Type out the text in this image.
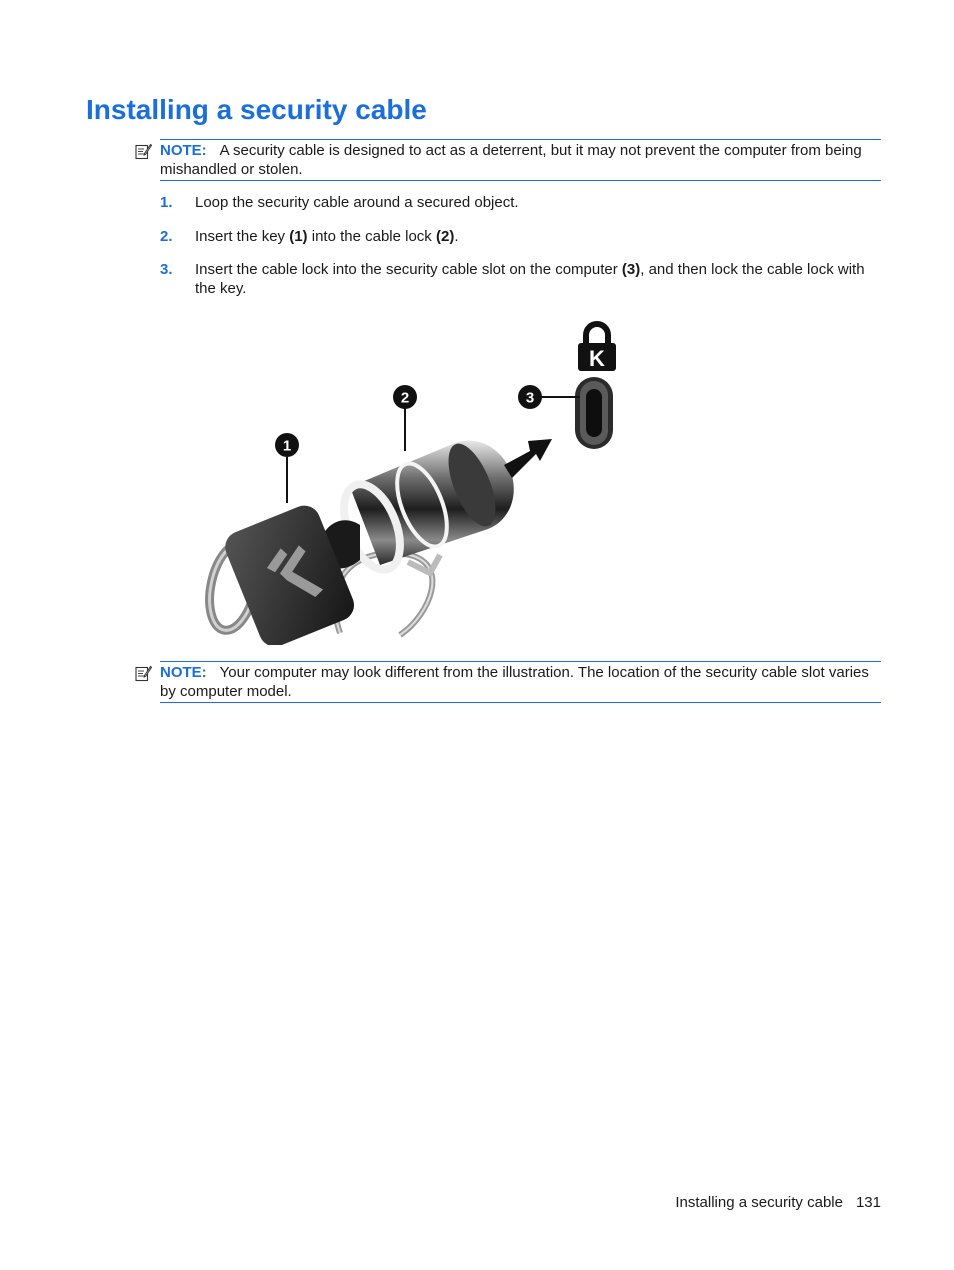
Installing a security cable
NOTE: A security cable is designed to act as a deterrent, but it may not prevent the computer from being mishandled or stolen.
1. Loop the security cable around a secured object.
2. Insert the key (1) into the cable lock (2).
3. Insert the cable lock into the security cable slot on the computer (3), and then lock the cable lock with the key.
K
1
2	3
NOTE: Your computer may look different from the illustration. The location of the security cable slot varies by computer model.
Installing a security cable 131
